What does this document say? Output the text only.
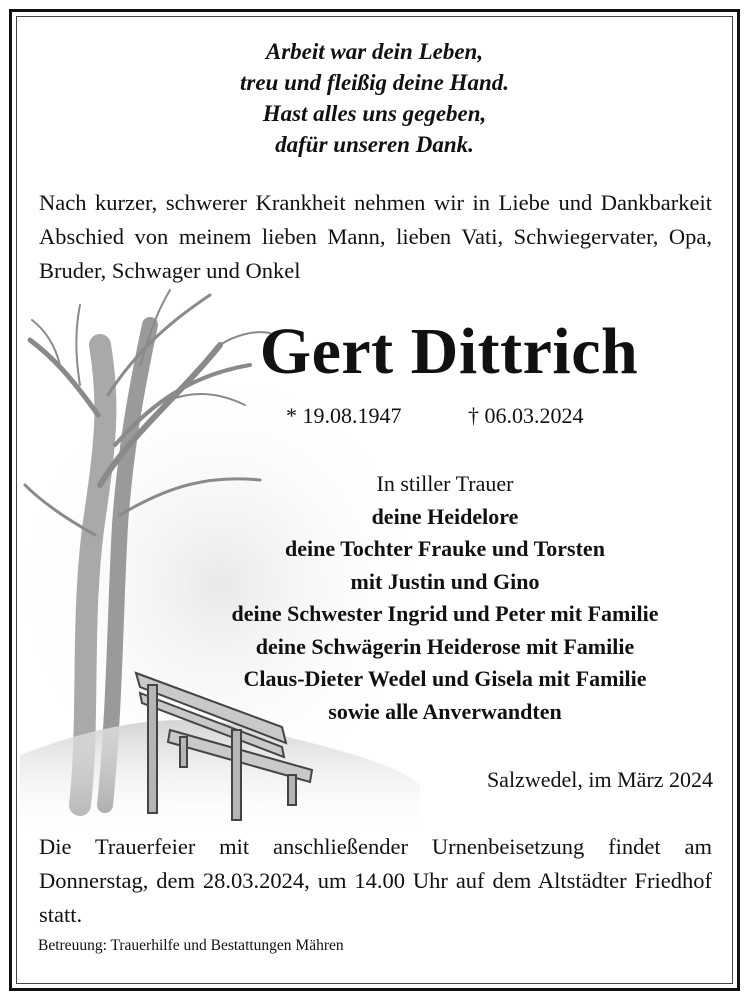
Arbeit war dein Leben,
treu und fleißig deine Hand.
Hast alles uns gegeben,
dafür unseren Dank.
Nach kurzer, schwerer Krankheit nehmen wir in Liebe und Dankbarkeit Abschied von meinem lieben Mann, lieben Vati, Schwiegervater, Opa, Bruder, Schwager und Onkel
Gert Dittrich
* 19.08.1947	† 06.03.2024
In stiller Trauer
deine Heidelore
deine Tochter Frauke und Torsten
mit Justin und Gino
deine Schwester Ingrid und Peter mit Familie
deine Schwägerin Heiderose mit Familie
Claus-Dieter Wedel und Gisela mit Familie
sowie alle Anverwandten
Salzwedel, im März 2024
Die Trauerfeier mit anschließender Urnenbeisetzung findet am Donnerstag, dem 28.03.2024, um 14.00 Uhr auf dem Altstädter Friedhof statt.
Betreuung: Trauerhilfe und Bestattungen Mähren
